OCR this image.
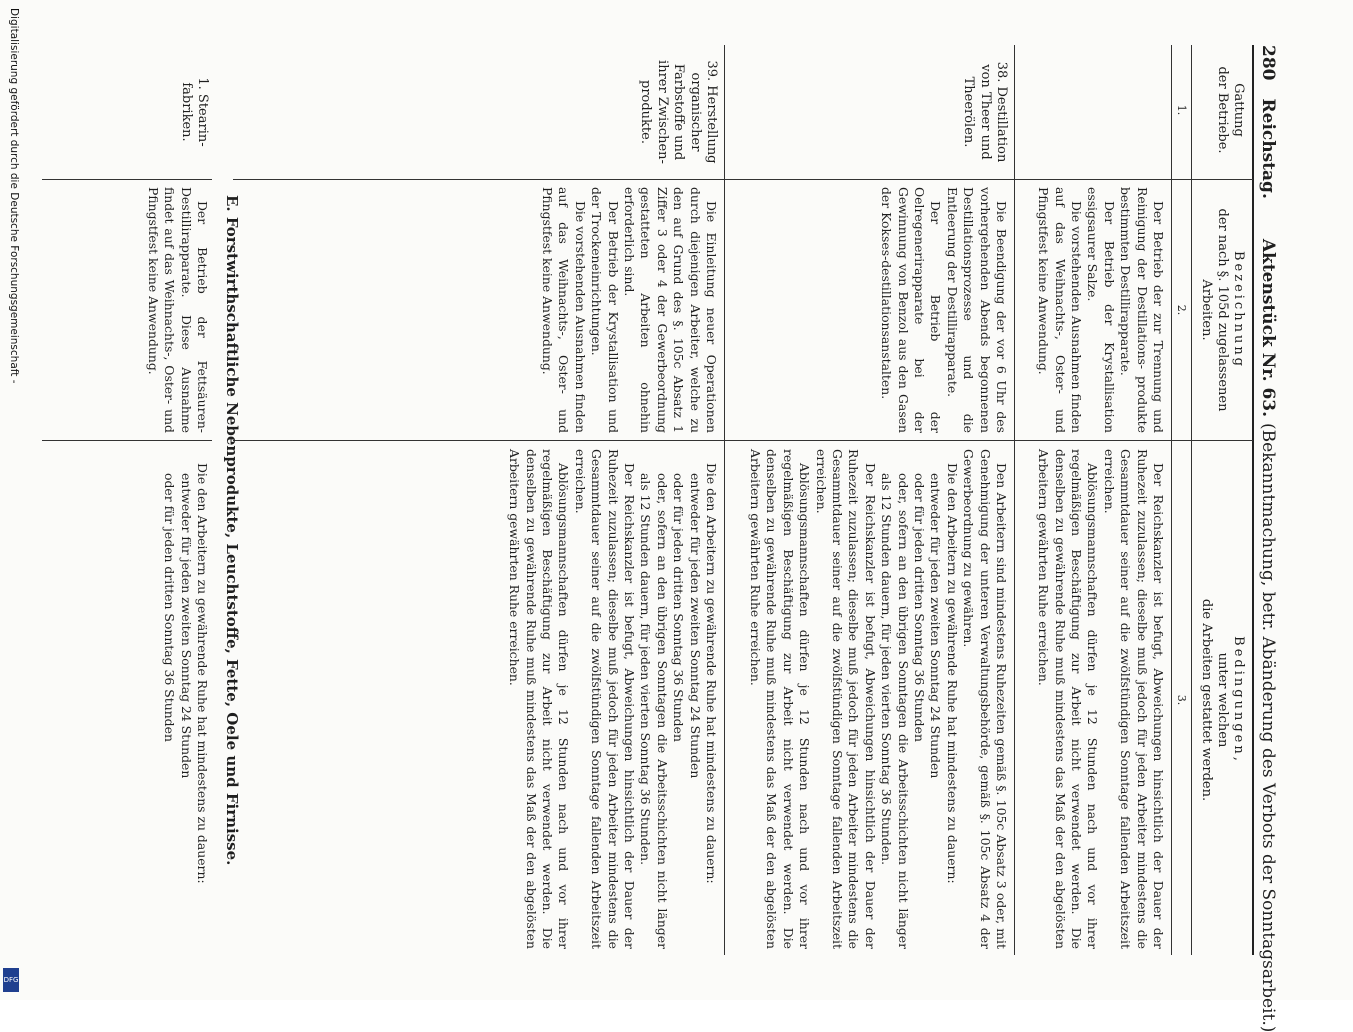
Digitalisierung gefördert durch die Deutsche Forschungsgemeinschaft -
DFG
280
Reichstag.
Aktenstück Nr. 63. (Bekanntmachung, betr. Abänderung des Verbots der Sonntagsarbeit.)
Gattung
der Betriebe.
Bezeichnung
der nach §. 105d zugelassenen
Arbeiten.
Bedingungen,
unter welchen
die Arbeiten gestattet werden.
1.
2.
3.

Der Betrieb der zur Trennung und Reinigung der Destillations- produkte bestimmten Destillirapparate.

Der Betrieb der Krystallisation essigsaurer Salze.

Die vorstehenden Ausnahmen finden auf das Weihnachts-, Oster- und Pfingstfest keine Anwendung.

Der Reichskanzler ist befugt, Abweichungen hinsichtlich der Dauer der Ruhezeit zuzulassen; dieselbe muß jedoch für jeden Arbeiter mindestens die Gesammtdauer seiner auf die zwölfstündigen Sonntage fallenden Arbeitszeit erreichen.

Ablösungsmannschaften dürfen je 12 Stunden nach und vor ihrer regelmäßigen Beschäftigung zur Arbeit nicht verwendet werden. Die denselben zu gewährende Ruhe muß mindestens das Maß der den abgelösten Arbeitern gewährten Ruhe erreichen.

38. Destillation von Theer und Theerölen.

Die Beendigung der vor 6 Uhr des vorhergehenden Abends begonnenen Destillationsprozesse und die Entleerung der Destillirapparate.

Der Betrieb der Oelregenerirapparate bei der Gewinnung von Benzol aus den Gasen der Kokses-destillationsanstalten.

Den Arbeitern sind mindestens Ruhezeiten gemäß §. 105c Absatz 3 oder, mit Genehmigung der unteren Verwaltungsbehörde, gemäß §. 105c Absatz 4 der Gewerbeordnung zu gewähren.

Die den Arbeitern zu gewährende Ruhe hat mindestens zu dauern:

entweder für jeden zweiten Sonntag 24 Stunden

oder für jeden dritten Sonntag 36 Stunden

oder, sofern an den übrigen Sonntagen die Arbeitsschichten nicht länger als 12 Stunden dauern, für jeden vierten Sonntag 36 Stunden.

Der Reichskanzler ist befugt, Abweichungen hinsichtlich der Dauer der Ruhezeit zuzulassen; dieselbe muß jedoch für jeden Arbeiter mindestens die Gesammtdauer seiner auf die zwölfstündigen Sonntage fallenden Arbeitszeit erreichen.

Ablösungsmannschaften dürfen je 12 Stunden nach und vor ihrer regelmäßigen Beschäftigung zur Arbeit nicht verwendet werden. Die denselben zu gewährende Ruhe muß mindestens das Maß der den abgelösten Arbeitern gewährten Ruhe erreichen.

39. Herstellung organischer Farbstoffe und ihrer Zwischen-produkte.

Die Einleitung neuer Operationen durch diejenigen Arbeiter, welche zu den auf Grund des §. 105c Absatz 1 Ziffer 3 oder 4 der Gewerbeordnung gestatteten Arbeiten ohnehin erforderlich sind.

Der Betrieb der Krystallisation und der Trockeneinrichtungen.

Die vorstehenden Ausnahmen finden auf das Weihnachts-, Oster- und Pfingstfest keine Anwendung.

Die den Arbeitern zu gewährende Ruhe hat mindestens zu dauern:

entweder für jeden zweiten Sonntag 24 Stunden

oder für jeden dritten Sonntag 36 Stunden

oder, sofern an den übrigen Sonntagen die Arbeitsschichten nicht länger als 12 Stunden dauern, für jeden vierten Sonntag 36 Stunden.

Der Reichskanzler ist befugt, Abweichungen hinsichtlich der Dauer der Ruhezeit zuzulassen; dieselbe muß jedoch für jeden Arbeiter mindestens die Gesammtdauer seiner auf die zwölfstündigen Sonntage fallenden Arbeitszeit erreichen.

Ablösungsmannschaften dürfen je 12 Stunden nach und vor ihrer regelmäßigen Beschäftigung zur Arbeit nicht verwendet werden. Die denselben zu gewährende Ruhe muß mindestens das Maß der den abgelösten Arbeitern gewährten Ruhe erreichen.

E. Forstwirthschaftliche Nebenprodukte, Leuchtstoffe, Fette, Oele und Firnisse.
1. Stearin-fabriken.

Der Betrieb der Fettsäuren-Destillirapparate. Diese Ausnahme findet auf das Weihnachts-, Oster- und Pfingstfest keine Anwendung.

Die den Arbeitern zu gewährende Ruhe hat mindestens zu dauern:

entweder für jeden zweiten Sonntag 24 Stunden

oder für jeden dritten Sonntag 36 Stunden
